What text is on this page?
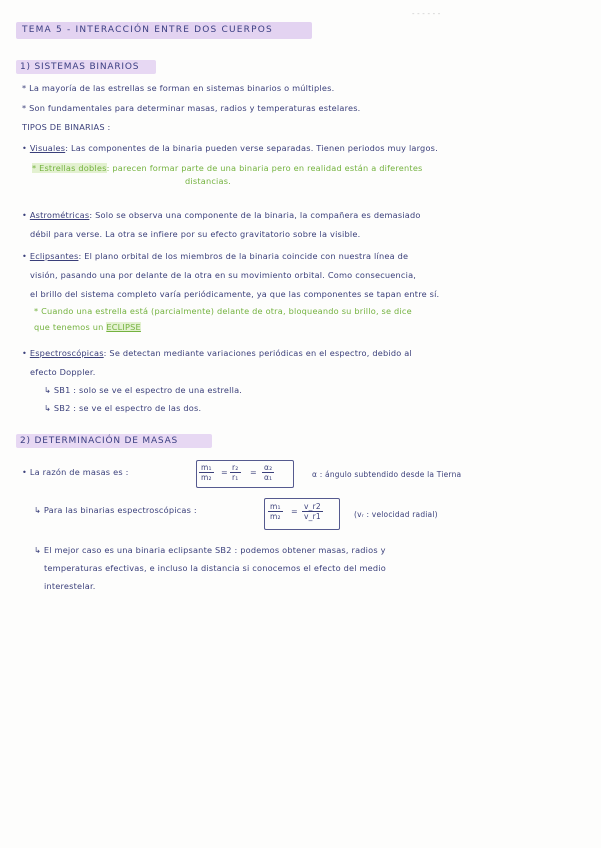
TEMA 5 - INTERACCIÓN ENTRE DOS CUERPOS
- - - - - -
1) SISTEMAS BINARIOS
* La mayoría de las estrellas se forman en sistemas binarios o múltiples.
* Son fundamentales para determinar masas, radios y temperaturas estelares.
TIPOS DE BINARIAS :
• Visuales: Las componentes de la binaria pueden verse separadas. Tienen periodos muy largos.
* Estrellas dobles: parecen formar parte de una binaria pero en realidad están a diferentes
distancias.
• Astrométricas: Solo se observa una componente de la binaria, la compañera es demasiado
débil para verse. La otra se infiere por su efecto gravitatorio sobre la visible.
• Eclipsantes: El plano orbital de los miembros de la binaria coincide con nuestra línea de
visión, pasando una por delante de la otra en su movimiento orbital. Como consecuencia,
el brillo del sistema completo varía periódicamente, ya que las componentes se tapan entre sí.
* Cuando una estrella está (parcialmente) delante de otra, bloqueando su brillo, se dice
que tenemos un ECLIPSE
• Espectroscópicas: Se detectan mediante variaciones periódicas en el espectro, debido al
efecto Doppler.
↳ SB1 : solo se ve el espectro de una estrella.
↳ SB2 : se ve el espectro de las dos.
2) DETERMINACIÓN DE MASAS
• La razón de masas es :	$\frac{\text{m₁}}{\text{m₂}} = \frac{\text{r₂}}{\text{r₁}} = \frac{\text{α₂}}{\text{α₁}}$	α : ángulo subtendido desde la Tierna
↳ Para las binarias espectroscópicas :	$\frac{\text{m₁}}{\text{m₂}} = \frac{v\_r2}{v\_r1}$	(vᵣ : velocidad radial)
↳ El mejor caso es una binaria eclipsante SB2 : podemos obtener masas, radios y
temperaturas efectivas, e incluso la distancia si conocemos el efecto del medio
interestelar.
